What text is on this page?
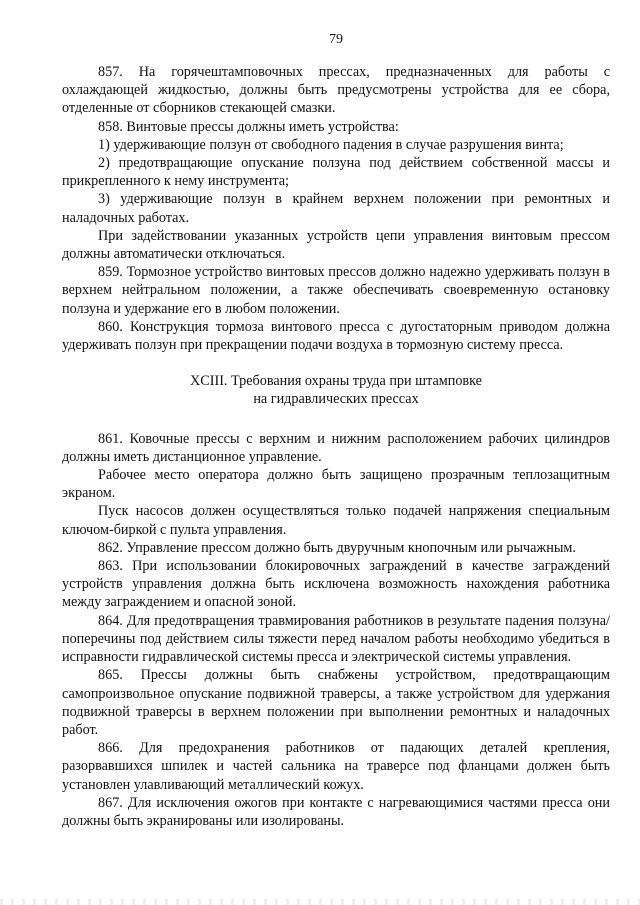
79

857. На горячештамповочных прессах, предназначенных для работы с охлаждающей жидкостью, должны быть предусмотрены устройства для ее сбора, отделенные от сборников стекающей смазки.

858. Винтовые прессы должны иметь устройства:

1) удерживающие ползун от свободного падения в случае разрушения винта;

2) предотвращающие опускание ползуна под действием собственной массы и прикрепленного к нему инструмента;

3) удерживающие ползун в крайнем верхнем положении при ремонтных и наладочных работах.

При задействовании указанных устройств цепи управления винтовым прессом должны автоматически отключаться.

859. Тормозное устройство винтовых прессов должно надежно удерживать ползун в верхнем нейтральном положении, а также обеспечивать своевременную остановку ползуна и удержание его в любом положении.

860. Конструкция тормоза винтового пресса с дугостаторным приводом должна удерживать ползун при прекращении подачи воздуха в тормозную систему пресса.

XCIII. Требования охраны труда при штамповке
на гидравлических прессах

861. Ковочные прессы с верхним и нижним расположением рабочих цилиндров должны иметь дистанционное управление.

Рабочее место оператора должно быть защищено прозрачным теплозащитным экраном.

Пуск насосов должен осуществляться только подачей напряжения специальным ключом-биркой с пульта управления.

862. Управление прессом должно быть двуручным кнопочным или рычажным.

863. При использовании блокировочных заграждений в качестве заграждений устройств управления должна быть исключена возможность нахождения работника между заграждением и опасной зоной.

864. Для предотвращения травмирования работников в результате падения ползуна/поперечины под действием силы тяжести перед началом работы необходимо убедиться в исправности гидравлической системы пресса и электрической системы управления.

865. Прессы должны быть снабжены устройством, предотвращающим самопроизвольное опускание подвижной траверсы, а также устройством для удержания подвижной траверсы в верхнем положении при выполнении ремонтных и наладочных работ.

866. Для предохранения работников от падающих деталей крепления, разорвавшихся шпилек и частей сальника на траверсе под фланцами должен быть установлен улавливающий металлический кожух.

867. Для исключения ожогов при контакте с нагревающимися частями пресса они должны быть экранированы или изолированы.
